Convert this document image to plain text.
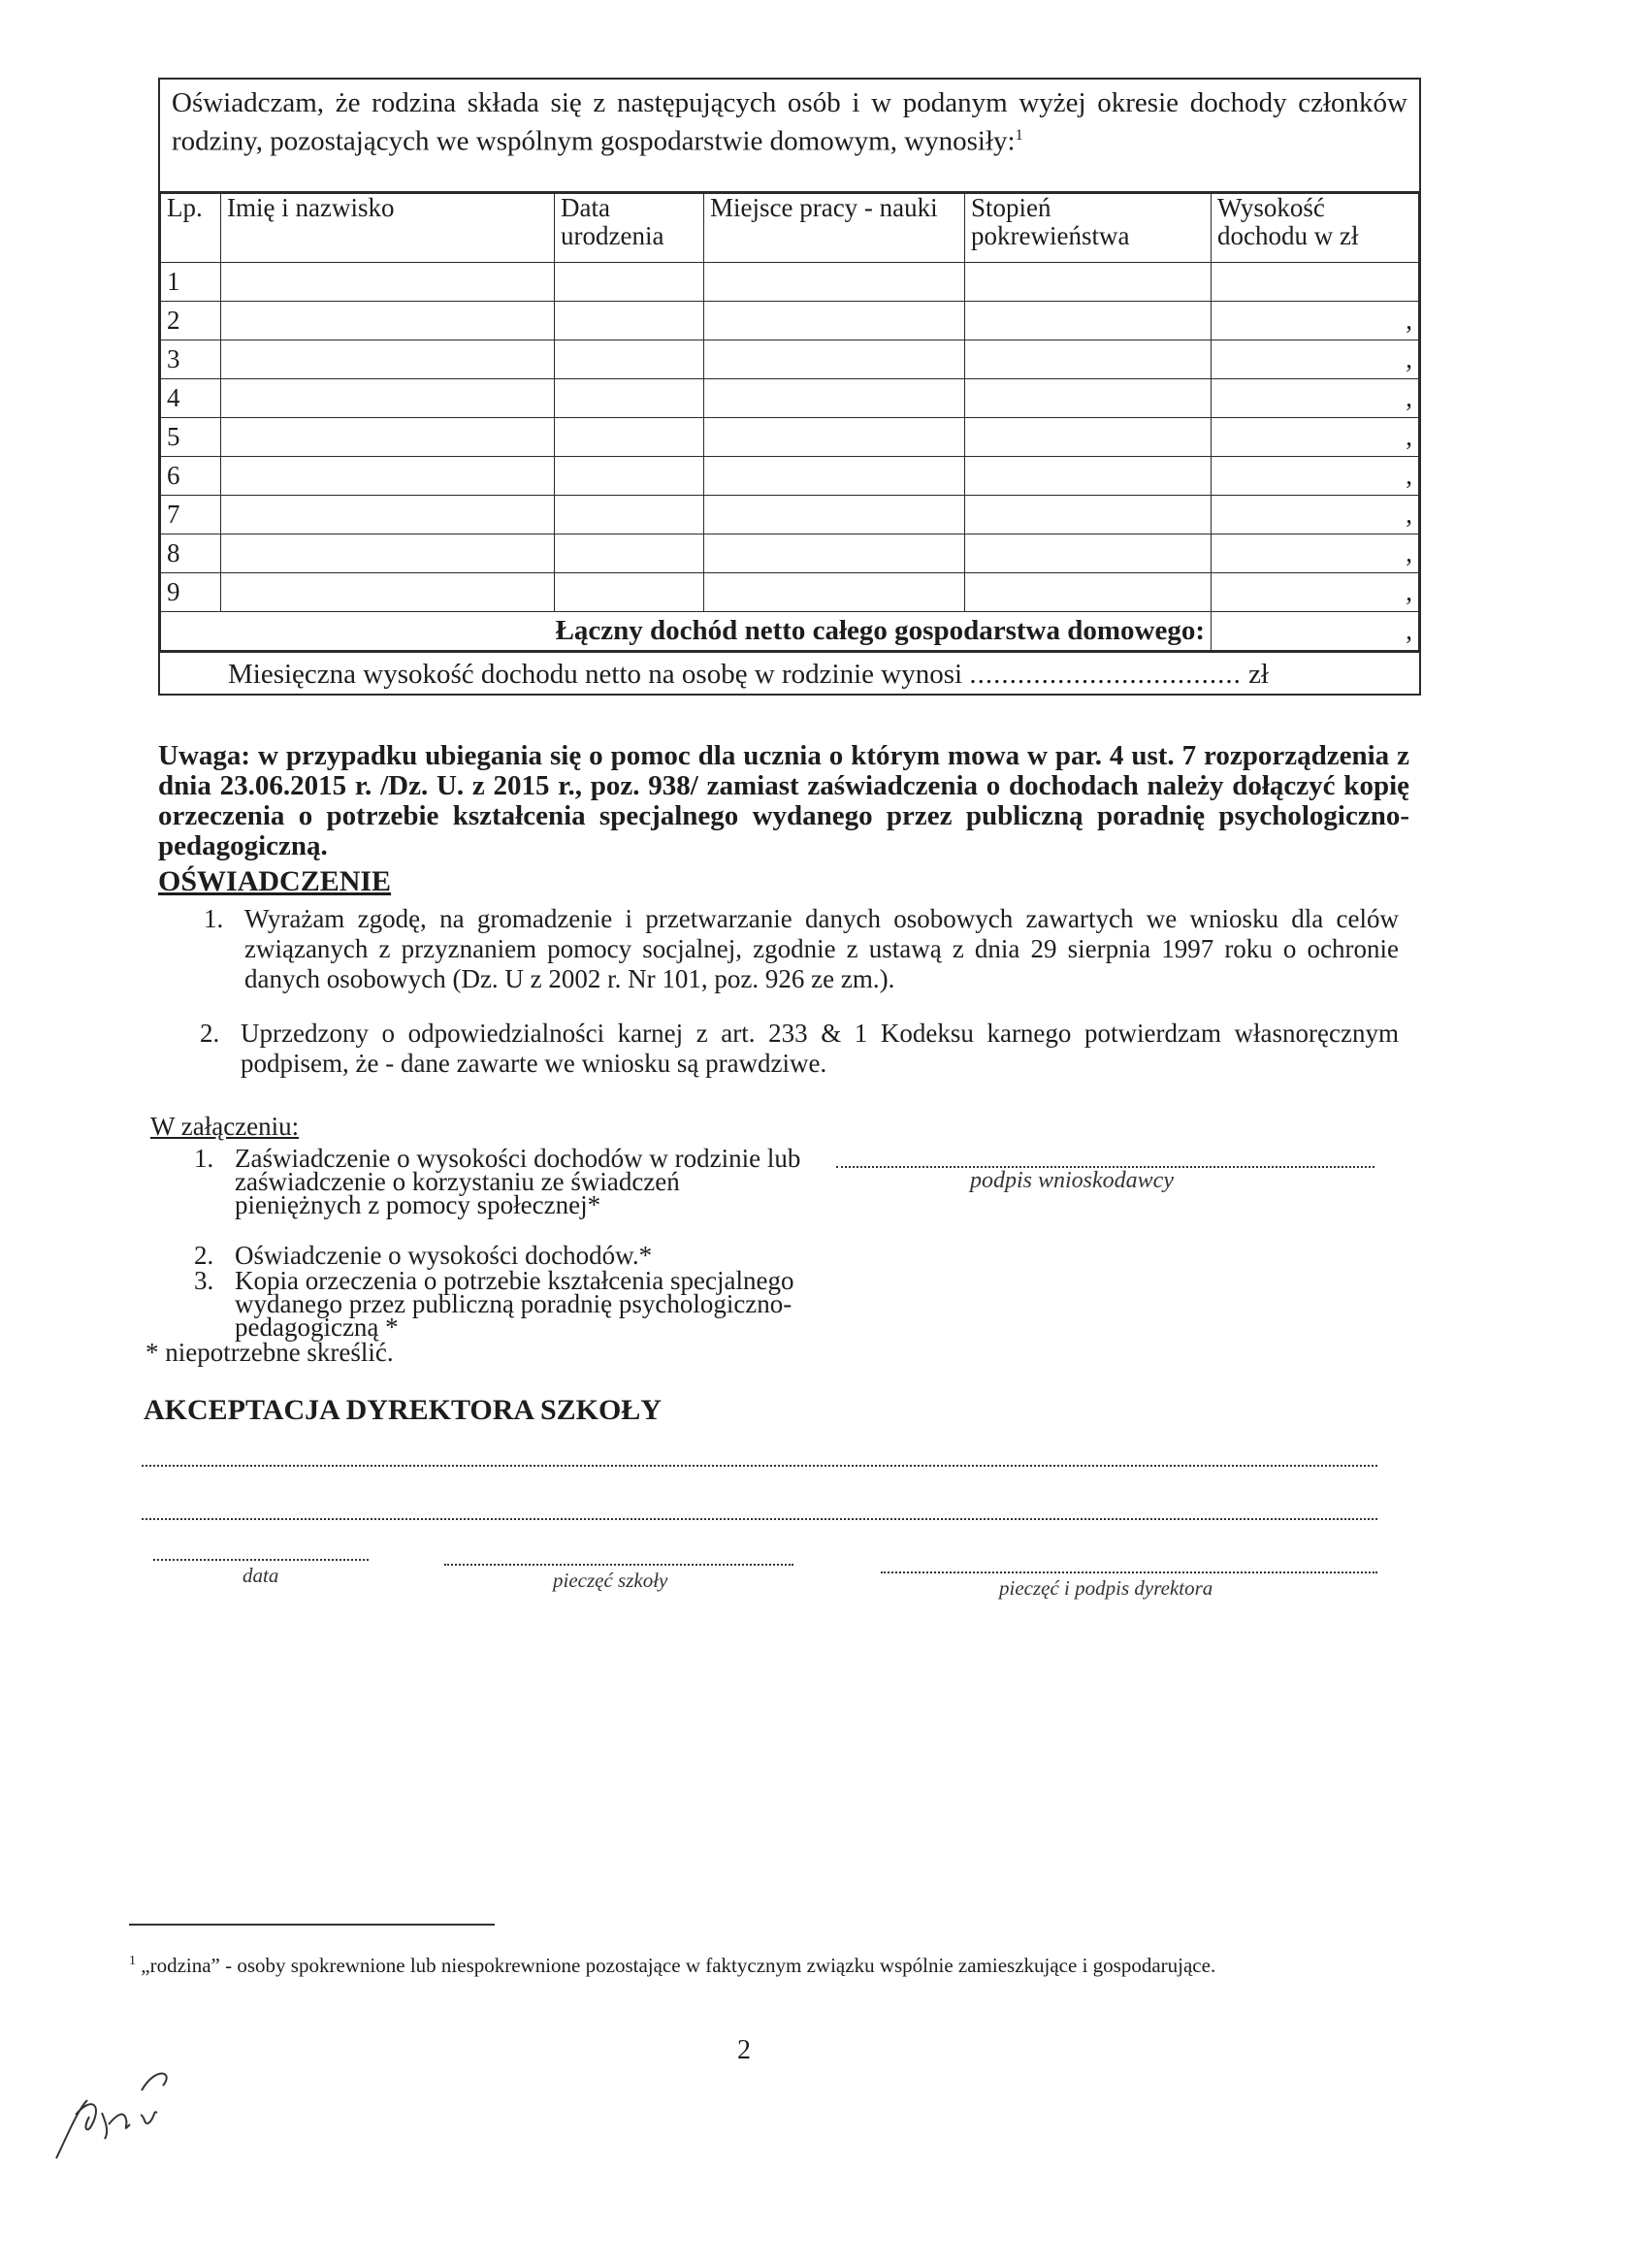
Oświadczam, że rodzina składa się z następujących osób i w podanym wyżej okresie dochody członków rodziny, pozostających we wspólnym gospodarstwie domowym, wynosiły:$^1$
Lp.	Imię i nazwisko	Data urodzenia	Miejsce pracy - nauki	Stopień pokrewieństwa	Wysokość dochodu w zł
1					
2					,
3					,
4					,
5					,
6					,
7					,
8					,
9					,
Łączny dochód netto całego gospodarstwa domowego:					,
Miesięczna wysokość dochodu netto na osobę w rodzinie wynosi .................................. zł
Uwaga: w przypadku ubiegania się o pomoc dla ucznia o którym mowa w par. 4 ust. 7 rozporządzenia z dnia 23.06.2015 r. /Dz. U. z 2015 r., poz. 938/ zamiast zaświadczenia o dochodach należy dołączyć kopię orzeczenia o potrzebie kształcenia specjalnego wydanego przez publiczną poradnię psychologiczno-pedagogiczną.
OŚWIADCZENIE
1. Wyrażam zgodę, na gromadzenie i przetwarzanie danych osobowych zawartych we wniosku dla celów związanych z przyznaniem pomocy socjalnej, zgodnie z ustawą z dnia 29 sierpnia 1997 roku o ochronie danych osobowych (Dz. U z 2002 r. Nr 101, poz. 926 ze zm.).
2. Uprzedzony o odpowiedzialności karnej z art. 233 & 1 Kodeksu karnego potwierdzam własnoręcznym podpisem, że - dane zawarte we wniosku są prawdziwe.
W załączeniu:
1. Zaświadczenie o wysokości dochodów w rodzinie lub zaświadczenie o korzystaniu ze świadczeń pieniężnych z pomocy społecznej*
2. Oświadczenie o wysokości dochodów.*
3. Kopia orzeczenia o potrzebie kształcenia specjalnego wydanego przez publiczną poradnię psychologiczno-pedagogiczną *
* niepotrzebne skreślić.
podpis wnioskodawcy
AKCEPTACJA DYREKTORA SZKOŁY
data	pieczęć szkoły	pieczęć i podpis dyrektora
$^1$ „rodzina” - osoby spokrewnione lub niespokrewnione pozostające w faktycznym związku wspólnie zamieszkujące i gospodarujące.
2
